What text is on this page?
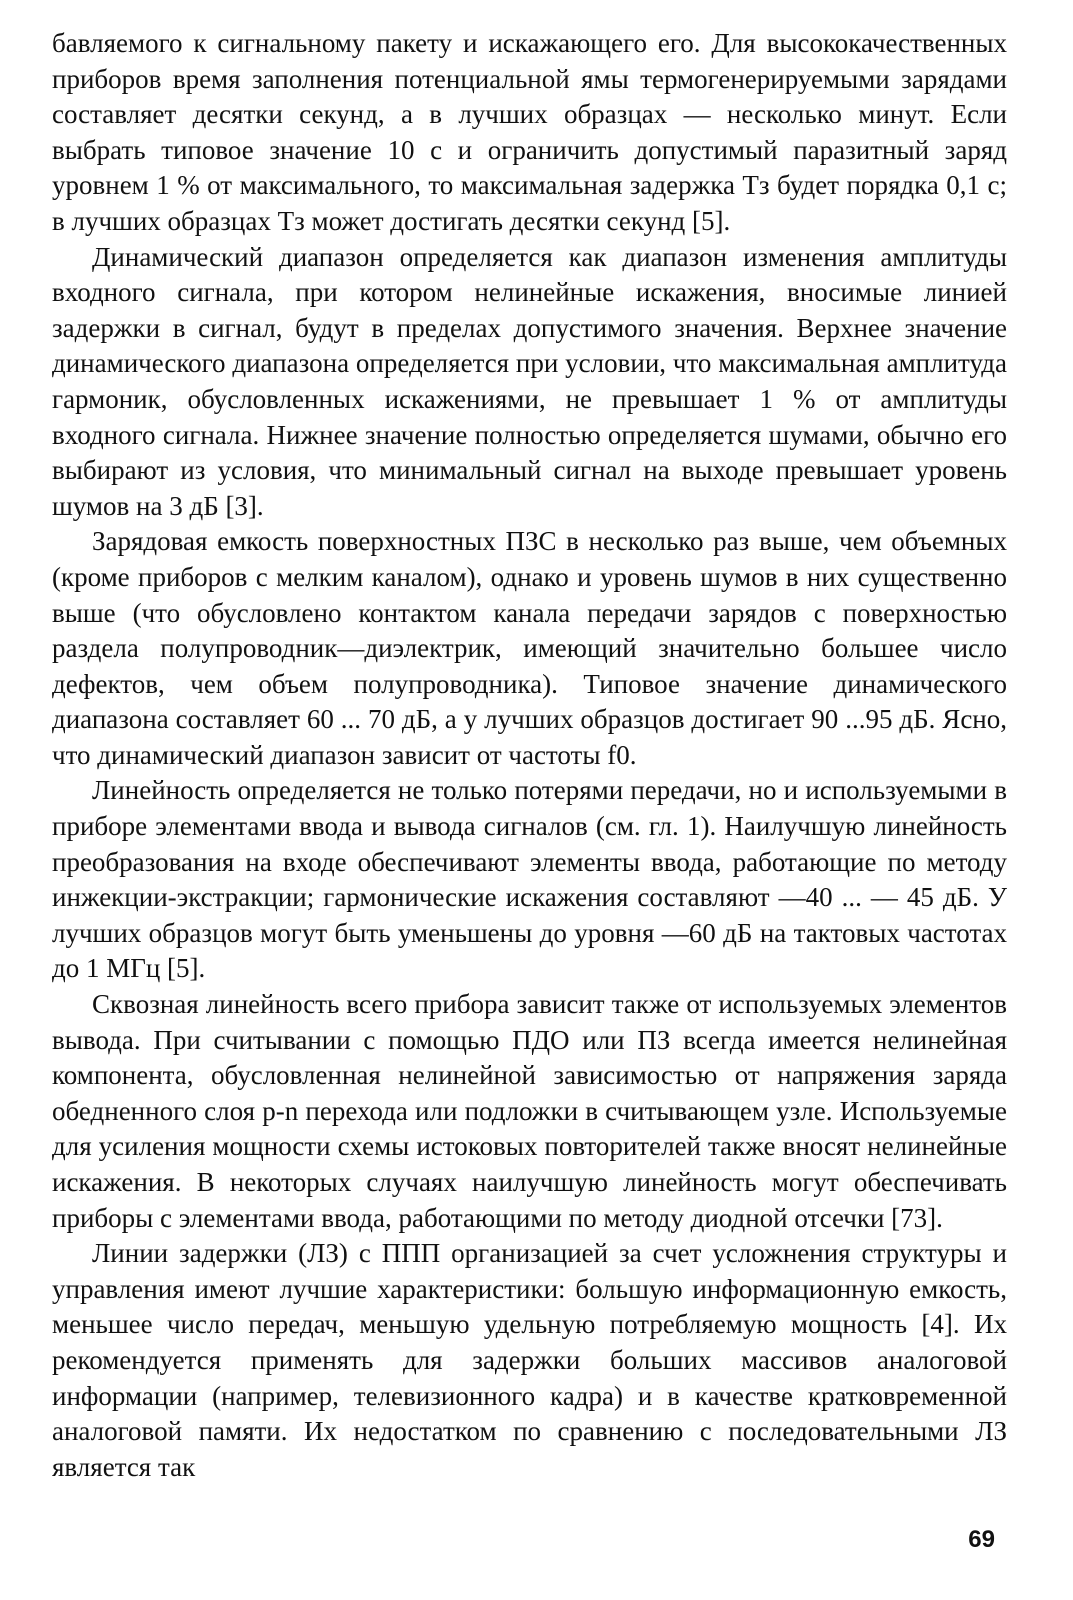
бавляемого к сигнальному пакету и искажающего его. Для высококачественных приборов время заполнения потенциальной ямы термогенерируемыми зарядами составляет десятки секунд, а в лучших образцах — несколько минут. Если выбрать типовое значение 10 с и ограничить допустимый паразитный заряд уровнем 1 % от максимального, то максимальная задержка Tз будет порядка 0,1 с; в лучших образцах Tз может достигать десятки секунд [5].

Динамический диапазон определяется как диапазон изменения амплитуды входного сигнала, при котором нелинейные искажения, вносимые линией задержки в сигнал, будут в пределах допустимого значения. Верхнее значение динамического диапазона определяется при условии, что максимальная амплитуда гармоник, обусловленных искажениями, не превышает 1 % от амплитуды входного сигнала. Нижнее значение полностью определяется шумами, обычно его выбирают из условия, что минимальный сигнал на выходе превышает уровень шумов на 3 дБ [3].

Зарядовая емкость поверхностных ПЗС в несколько раз выше, чем объемных (кроме приборов с мелким каналом), однако и уровень шумов в них существенно выше (что обусловлено контактом канала передачи зарядов с поверхностью раздела полупроводник—диэлектрик, имеющий значительно большее число дефектов, чем объем полупроводника). Типовое значение динамического диапазона составляет 60 ... 70 дБ, а у лучших образцов достигает 90 ...95 дБ. Ясно, что динамический диапазон зависит от частоты f0.

Линейность определяется не только потерями передачи, но и используемыми в приборе элементами ввода и вывода сигналов (см. гл. 1). Наилучшую линейность преобразования на входе обеспечивают элементы ввода, работающие по методу инжекции-экстракции; гармонические искажения составляют —40 ... — 45 дБ. У лучших образцов могут быть уменьшены до уровня —60 дБ на тактовых частотах до 1 МГц [5].

Сквозная линейность всего прибора зависит также от используемых элементов вывода. При считывании с помощью ПДО или ПЗ всегда имеется нелинейная компонента, обусловленная нелинейной зависимостью от напряжения заряда обедненного слоя p-n перехода или подложки в считывающем узле. Используемые для усиления мощности схемы истоковых повторителей также вносят нелинейные искажения. В некоторых случаях наилучшую линейность могут обеспечивать приборы с элементами ввода, работающими по методу диодной отсечки [73].

Линии задержки (ЛЗ) с ППП организацией за счет усложнения структуры и управления имеют лучшие характеристики: большую информационную емкость, меньшее число передач, меньшую удельную потребляемую мощность [4]. Их рекомендуется применять для задержки больших массивов аналоговой информации (например, телевизионного кадра) и в качестве кратковременной аналоговой памяти. Их недостатком по сравнению с последовательными ЛЗ является так

69
